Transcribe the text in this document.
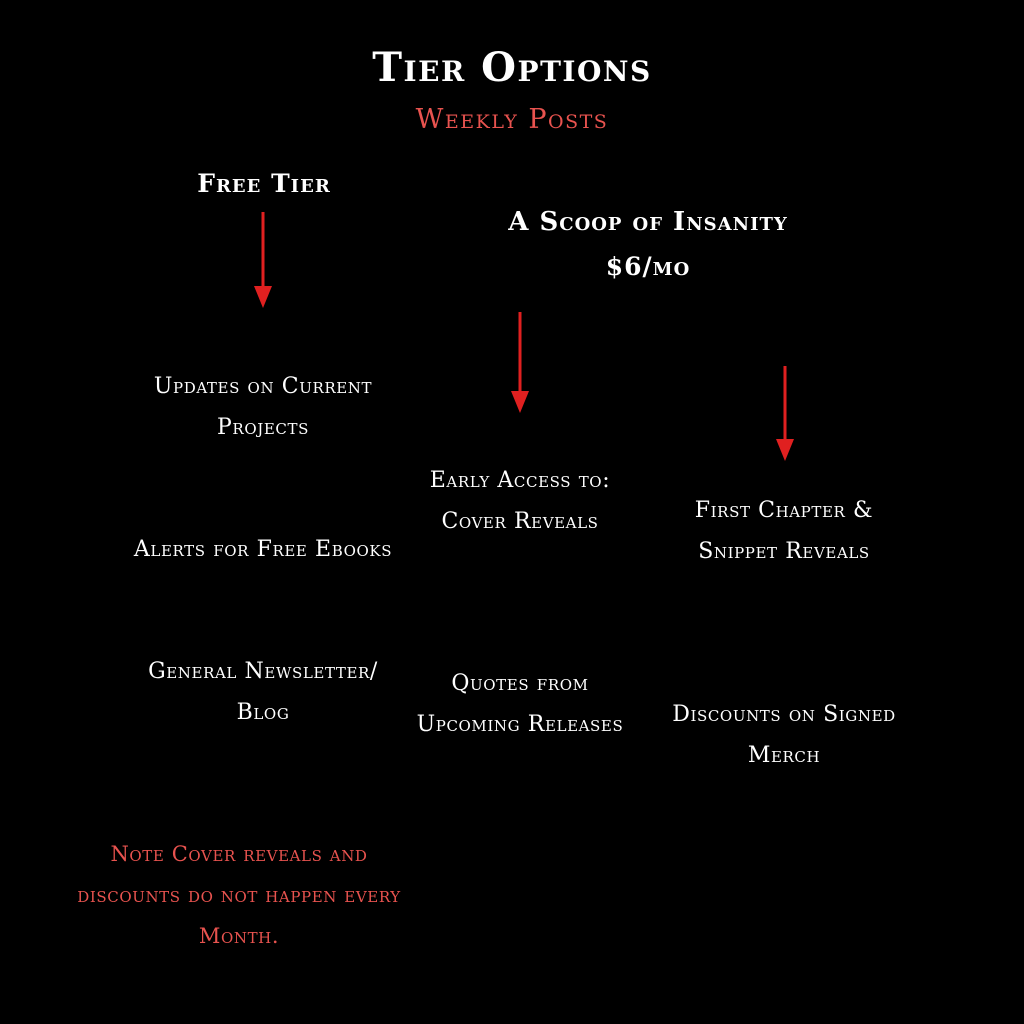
Tier Options
Weekly Posts
Free Tier
A Scoop of Insanity
$6/mo
Updates on Current Projects
Alerts for Free Ebooks
General Newsletter/ Blog
Early Access to: Cover Reveals
Quotes from Upcoming Releases
First Chapter & Snippet Reveals
Discounts on Signed Merch
Note Cover reveals and discounts do not happen every Month.
